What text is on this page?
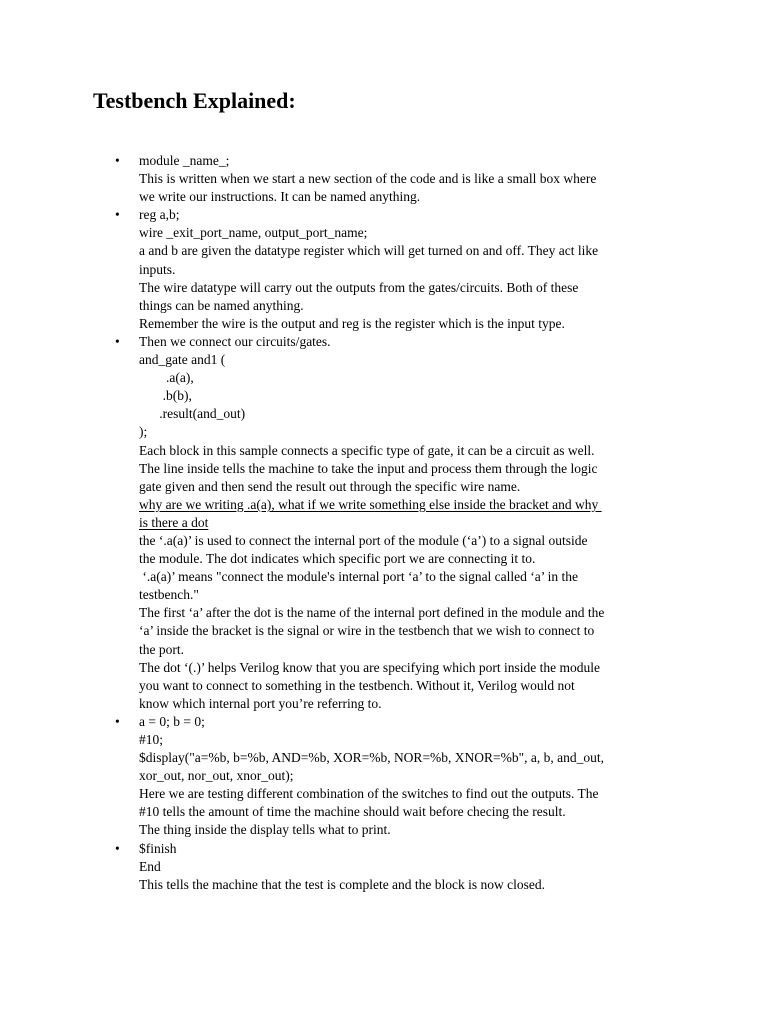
Testbench Explained:
• module _name_;
This is written when we start a new section of the code and is like a small box where
we write our instructions. It can be named anything.
• reg a,b;
wire _exit_port_name, output_port_name;
a and b are given the datatype register which will get turned on and off. They act like
inputs.
The wire datatype will carry out the outputs from the gates/circuits. Both of these
things can be named anything.
Remember the wire is the output and reg is the register which is the input type.
• Then we connect our circuits/gates.
and_gate and1 (
.a(a),
.b(b),
.result(and_out)
);
Each block in this sample connects a specific type of gate, it can be a circuit as well.
The line inside tells the machine to take the input and process them through the logic
gate given and then send the result out through the specific wire name.
why are we writing .a(a), what if we write something else inside the bracket and why
is there a dot
the ‘.a(a)’ is used to connect the internal port of the module (‘a’) to a signal outside
the module. The dot indicates which specific port we are connecting it to.
‘.a(a)’ means "connect the module's internal port ‘a’ to the signal called ‘a’ in the
testbench."
The first ‘a’ after the dot is the name of the internal port defined in the module and the
‘a’ inside the bracket is the signal or wire in the testbench that we wish to connect to
the port.
The dot ‘(.)’ helps Verilog know that you are specifying which port inside the module
you want to connect to something in the testbench. Without it, Verilog would not
know which internal port you’re referring to.
• a = 0; b = 0;
#10;
$display("a=%b, b=%b, AND=%b, XOR=%b, NOR=%b, XNOR=%b", a, b, and_out,
xor_out, nor_out, xnor_out);
Here we are testing different combination of the switches to find out the outputs. The
#10 tells the amount of time the machine should wait before checing the result.
The thing inside the display tells what to print.
• $finish
End
This tells the machine that the test is complete and the block is now closed.
